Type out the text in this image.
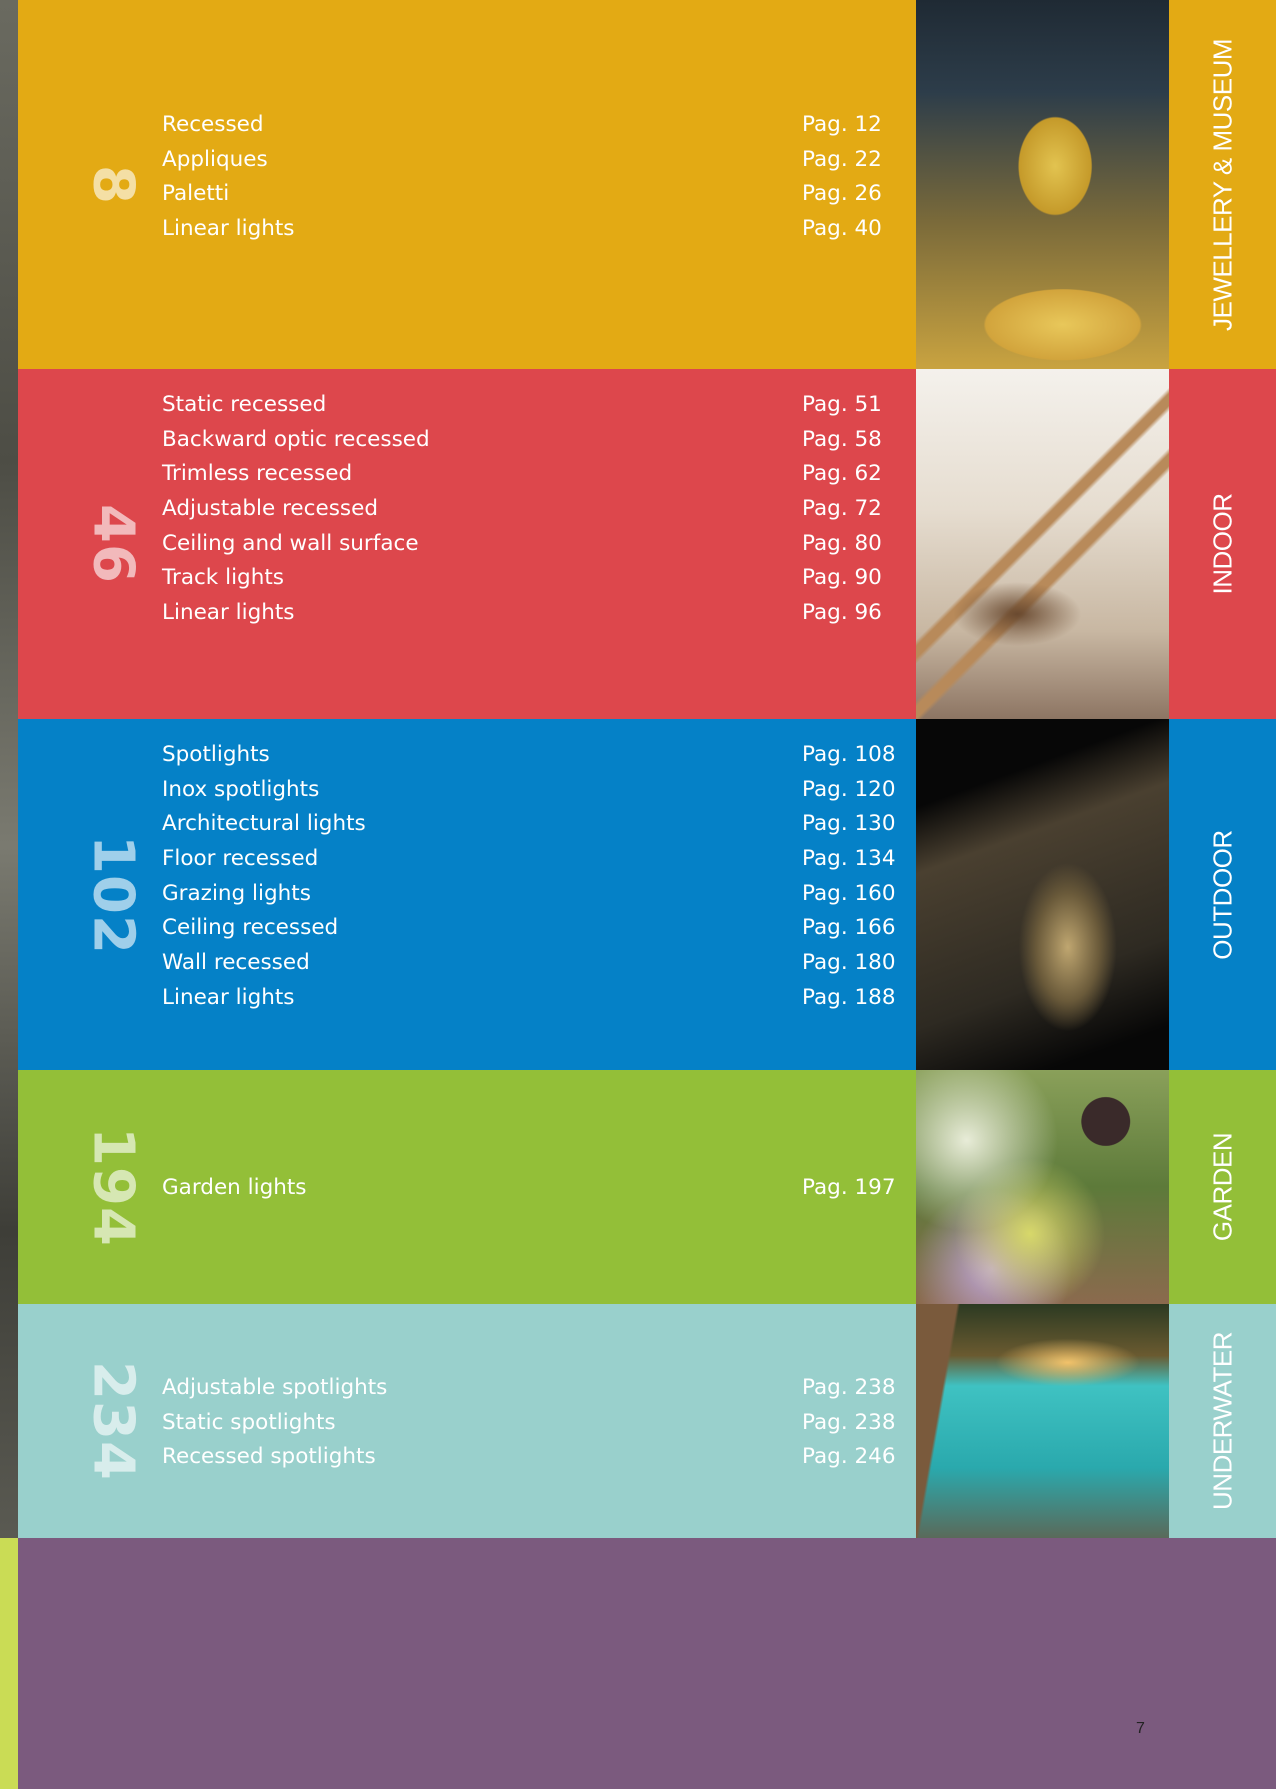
8
Recessed	Pag. 12
Appliques	Pag. 22
Paletti	Pag. 26
Linear lights	Pag. 40	JEWELLERY & MUSEUM
46
Static recessed	Pag. 51
Backward optic recessed	Pag. 58
Trimless recessed	Pag. 62
Adjustable recessed	Pag. 72
Ceiling and wall surface	Pag. 80
Track lights	Pag. 90
Linear lights	Pag. 96
INDOOR
102
Spotlights	Pag. 108
Inox spotlights	Pag. 120
Architectural lights	Pag. 130
Floor recessed	Pag. 134
Grazing lights	Pag. 160
Ceiling recessed	Pag. 166
Wall recessed	Pag. 180
Linear lights	Pag. 188
OUTDOOR
194 Garden lights	Pag. 197	GARDEN
234 Adjustable spotlights	Pag. 238
Static spotlights	Pag. 238
Recessed spotlights	Pag. 246	UNDERWATER
7
